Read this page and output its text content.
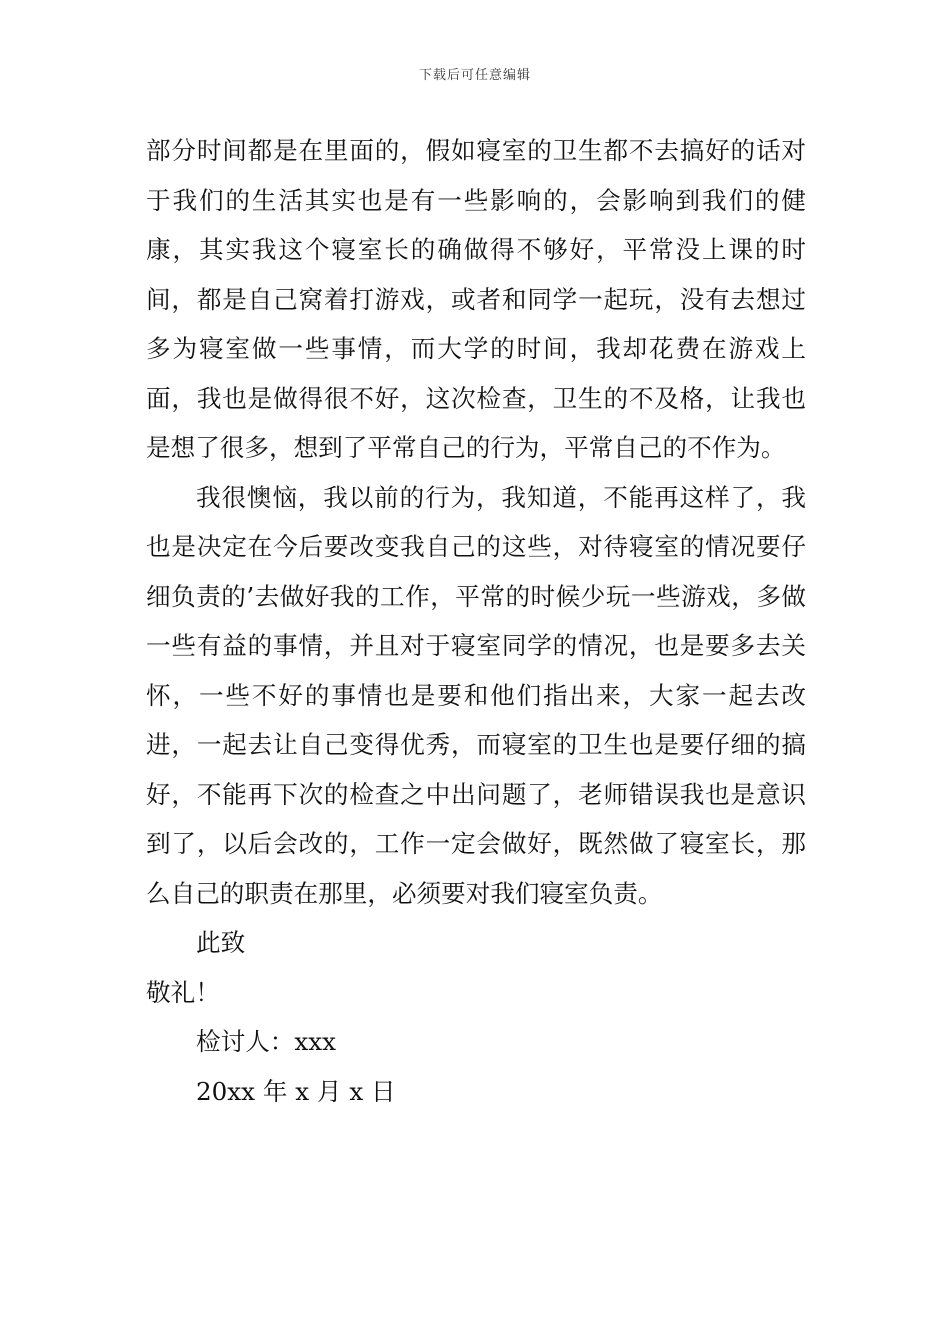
下载后可任意编辑

部分时间都是在里面的，假如寝室的卫生都不去搞好的话对于我们的生活其实也是有一些影响的，会影响到我们的健康，其实我这个寝室长的确做得不够好，平常没上课的时间，都是自己窝着打游戏，或者和同学一起玩，没有去想过多为寝室做一些事情，而大学的时间，我却花费在游戏上面，我也是做得很不好，这次检查，卫生的不及格，让我也是想了很多，想到了平常自己的行为，平常自己的不作为。

我很懊恼，我以前的行为，我知道，不能再这样了，我也是决定在今后要改变我自己的这些，对待寝室的情况要仔细负责的’去做好我的工作，平常的时候少玩一些游戏，多做一些有益的事情，并且对于寝室同学的情况，也是要多去关怀，一些不好的事情也是要和他们指出来，大家一起去改进，一起去让自己变得优秀，而寝室的卫生也是要仔细的搞好，不能再下次的检查之中出问题了，老师错误我也是意识到了，以后会改的，工作一定会做好，既然做了寝室长，那么自己的职责在那里，必须要对我们寝室负责。

此致

敬礼！

检讨人：xxx

20xx 年 x 月 x 日
